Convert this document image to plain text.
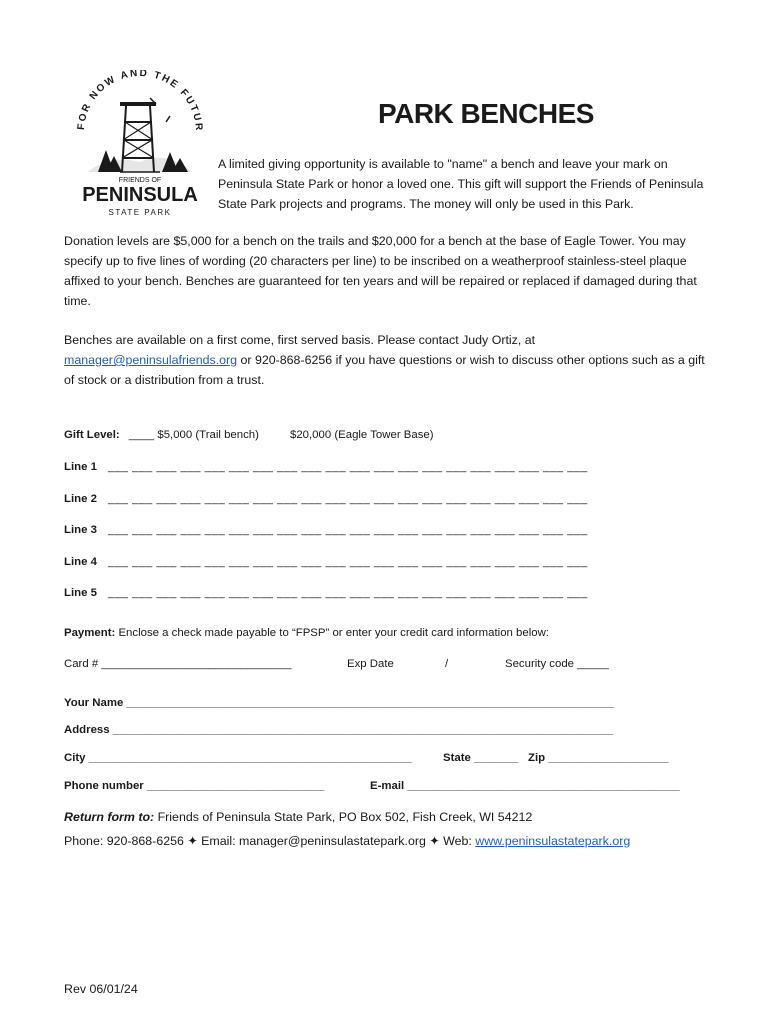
FOR NOW AND THE FUTUR
FRIENDS OF
PENINSULA
STATE PARK
PARK BENCHES
A limited giving opportunity is available to "name" a bench and leave your mark on Peninsula State Park or honor a loved one. This gift will support the Friends of Peninsula State Park projects and programs. The money will only be used in this Park.
Donation levels are $5,000 for a bench on the trails and $20,000 for a bench at the base of Eagle Tower. You may specify up to five lines of wording (20 characters per line) to be inscribed on a weatherproof stainless-steel plaque affixed to your bench. Benches are guaranteed for ten years and will be repaired or replaced if damaged during that time.
Benches are available on a first come, first served basis. Please contact Judy Ortiz, at
manager@peninsulafriends.org or 920-868-6256 if you have questions or wish to discuss other options such as a gift of stock or a distribution from a trust.
Gift Level: ____ $5,000 (Trail bench)	$20,000 (Eagle Tower Base)
Line 1 ___ ___ ___ ___ ___ ___ ___ ___ ___ ___ ___ ___ ___ ___ ___ ___ ___ ___ ___ ___
Line 2 ___ ___ ___ ___ ___ ___ ___ ___ ___ ___ ___ ___ ___ ___ ___ ___ ___ ___ ___ ___
Line 3 ___ ___ ___ ___ ___ ___ ___ ___ ___ ___ ___ ___ ___ ___ ___ ___ ___ ___ ___ ___
Line 4 ___ ___ ___ ___ ___ ___ ___ ___ ___ ___ ___ ___ ___ ___ ___ ___ ___ ___ ___ ___
Line 5 ___ ___ ___ ___ ___ ___ ___ ___ ___ ___ ___ ___ ___ ___ ___ ___ ___ ___ ___ ___
Payment: Enclose a check made payable to “FPSP” or enter your credit card information below:
Card # ______________________________	Exp Date	/	Security code _____
Your Name _____________________________________________________________________________
Address _______________________________________________________________________________
City ___________________________________________________	State _______ Zip ___________________
Phone number ____________________________	E-mail ___________________________________________
Return form to: Friends of Peninsula State Park, PO Box 502, Fish Creek, WI 54212
Phone: 920-868-6256 ✦ Email: manager@peninsulastatepark.org ✦ Web: www.peninsulastatepark.org
Rev 06/01/24
